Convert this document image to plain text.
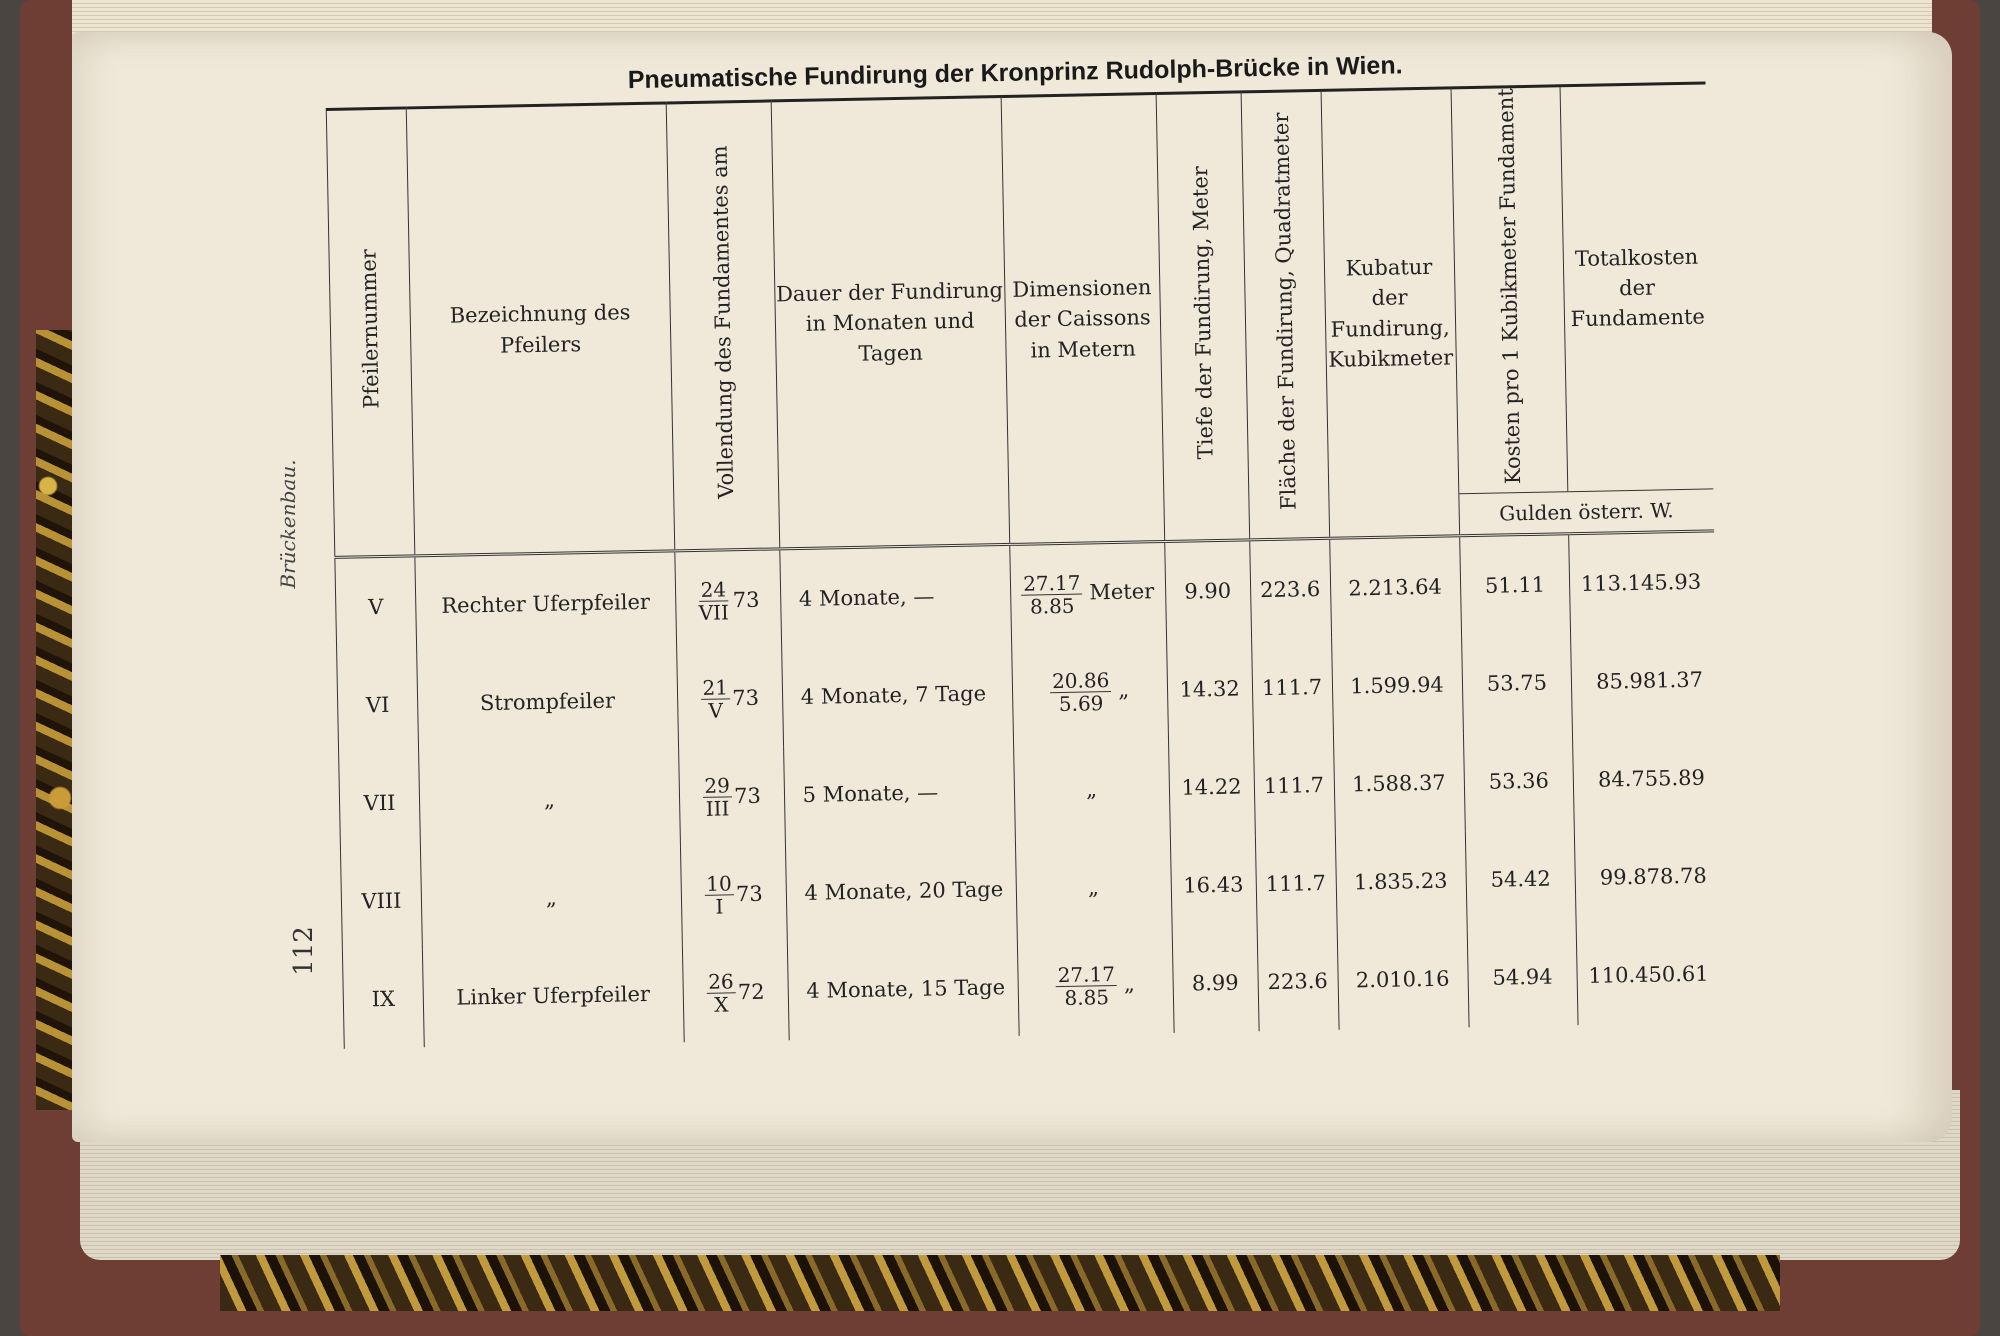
112
Brückenbau.
Pneumatische Fundirung der Kronprinz Rudolph-Brücke in Wien.
Pfeilernummer	Bezeichnung des Pfeilers	Vollendung des Fundamentes am	Dauer der Fundirung in Monaten und Tagen	Dimensionen der Caissons in Metern	Tiefe der Fundirung, Meter	Fläche der Fundirung, Quadratmeter	Kubatur der Fundirung, Kubikmeter	Kosten pro 1 Kubikmeter Fundament	Totalkosten der Fundamente
								Gulden österr. W.	
V	Rechter Uferpfeiler	$\frac{24}{\text{VII}} 73$	4 Monate, —	$\frac{27.17}{8.85}$ Meter	9.90	223.6	2.213.64	51.11	113.145.93
VI	Strompfeiler	$\frac{21}{V} 73$	4 Monate, 7 Tage	$\frac{20.86}{5.69}$ „	14.32	111.7	1.599.94	53.75	85.981.37
VII	„	$\frac{29}{\text{III}} 73$	5 Monate, —	„	14.22	111.7	1.588.37	53.36	84.755.89
VIII	„	$\frac{10}{I} 73$	4 Monate, 20 Tage	„	16.43	111.7	1.835.23	54.42	99.878.78
IX	Linker Uferpfeiler	$\frac{26}{X} 72$	4 Monate, 15 Tage	$\frac{27.17}{8.85}$ „	8.99	223.6	2.010.16	54.94	110.450.61
